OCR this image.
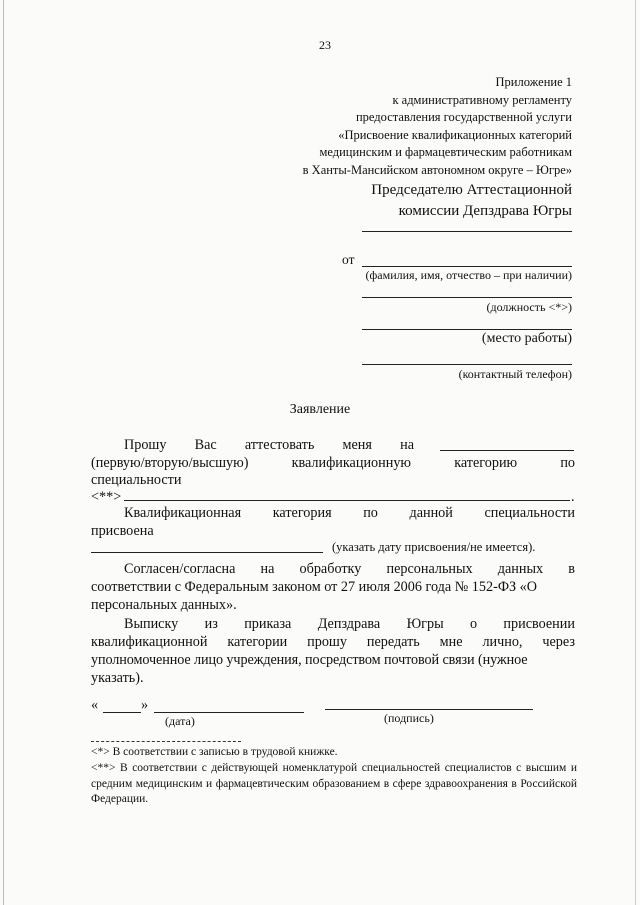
23
Приложение 1
к административному регламенту
предоставления государственной услуги
«Присвоение квалификационных категорий
медицинским и фармацевтическим работникам
в Ханты-Мансийском автономном округе – Югре»
Председателю Аттестационной
комиссии Депздрава Югры
от
(фамилия, имя, отчество – при наличии)
(должность <*>)
(место работы)
(контактный телефон)
Заявление
Прошу Вас аттестовать меня на
(первую/вторую/высшую)	квалификационную	категорию	по
специальности
<**>	.
Квалификационная категория по данной специальности
присвоена
(указать дату присвоения/не имеется).
Согласен/согласна на обработку персональных данных в
соответствии с Федеральным законом от 27 июля 2006 года № 152-ФЗ «О
персональных данных».
Выписку из приказа Депздрава Югры о присвоении
квалификационной категории прошу передать мне лично, через
уполномоченное лицо учреждения, посредством почтовой связи (нужное
указать).
«	»
(дата)	(подпись)
<*> В соответствии с записью в трудовой книжке.
<**> В соответствии с действующей номенклатурой специальностей специалистов с высшим и средним медицинским и фармацевтическим образованием в сфере здравоохранения в Российской Федерации.
